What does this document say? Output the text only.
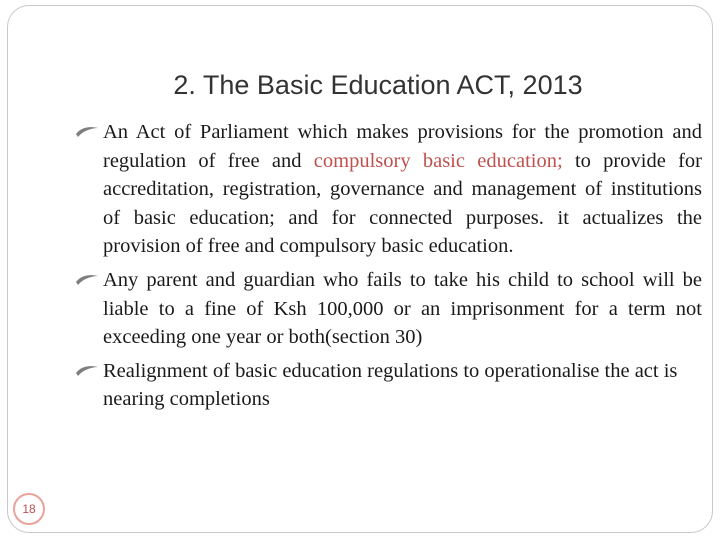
2. The Basic Education ACT, 2013
An Act of Parliament which makes provisions for the promotion and regulation of free and compulsory basic education; to provide for accreditation, registration, governance and management of institutions of basic education; and for connected purposes. it actualizes the provision of free and compulsory basic education.
Any parent and guardian who fails to take his child to school will be liable to a fine of Ksh 100,000 or an imprisonment for a term not exceeding one year or both(section 30)
Realignment of basic education regulations to operationalise the act is nearing completions
18
